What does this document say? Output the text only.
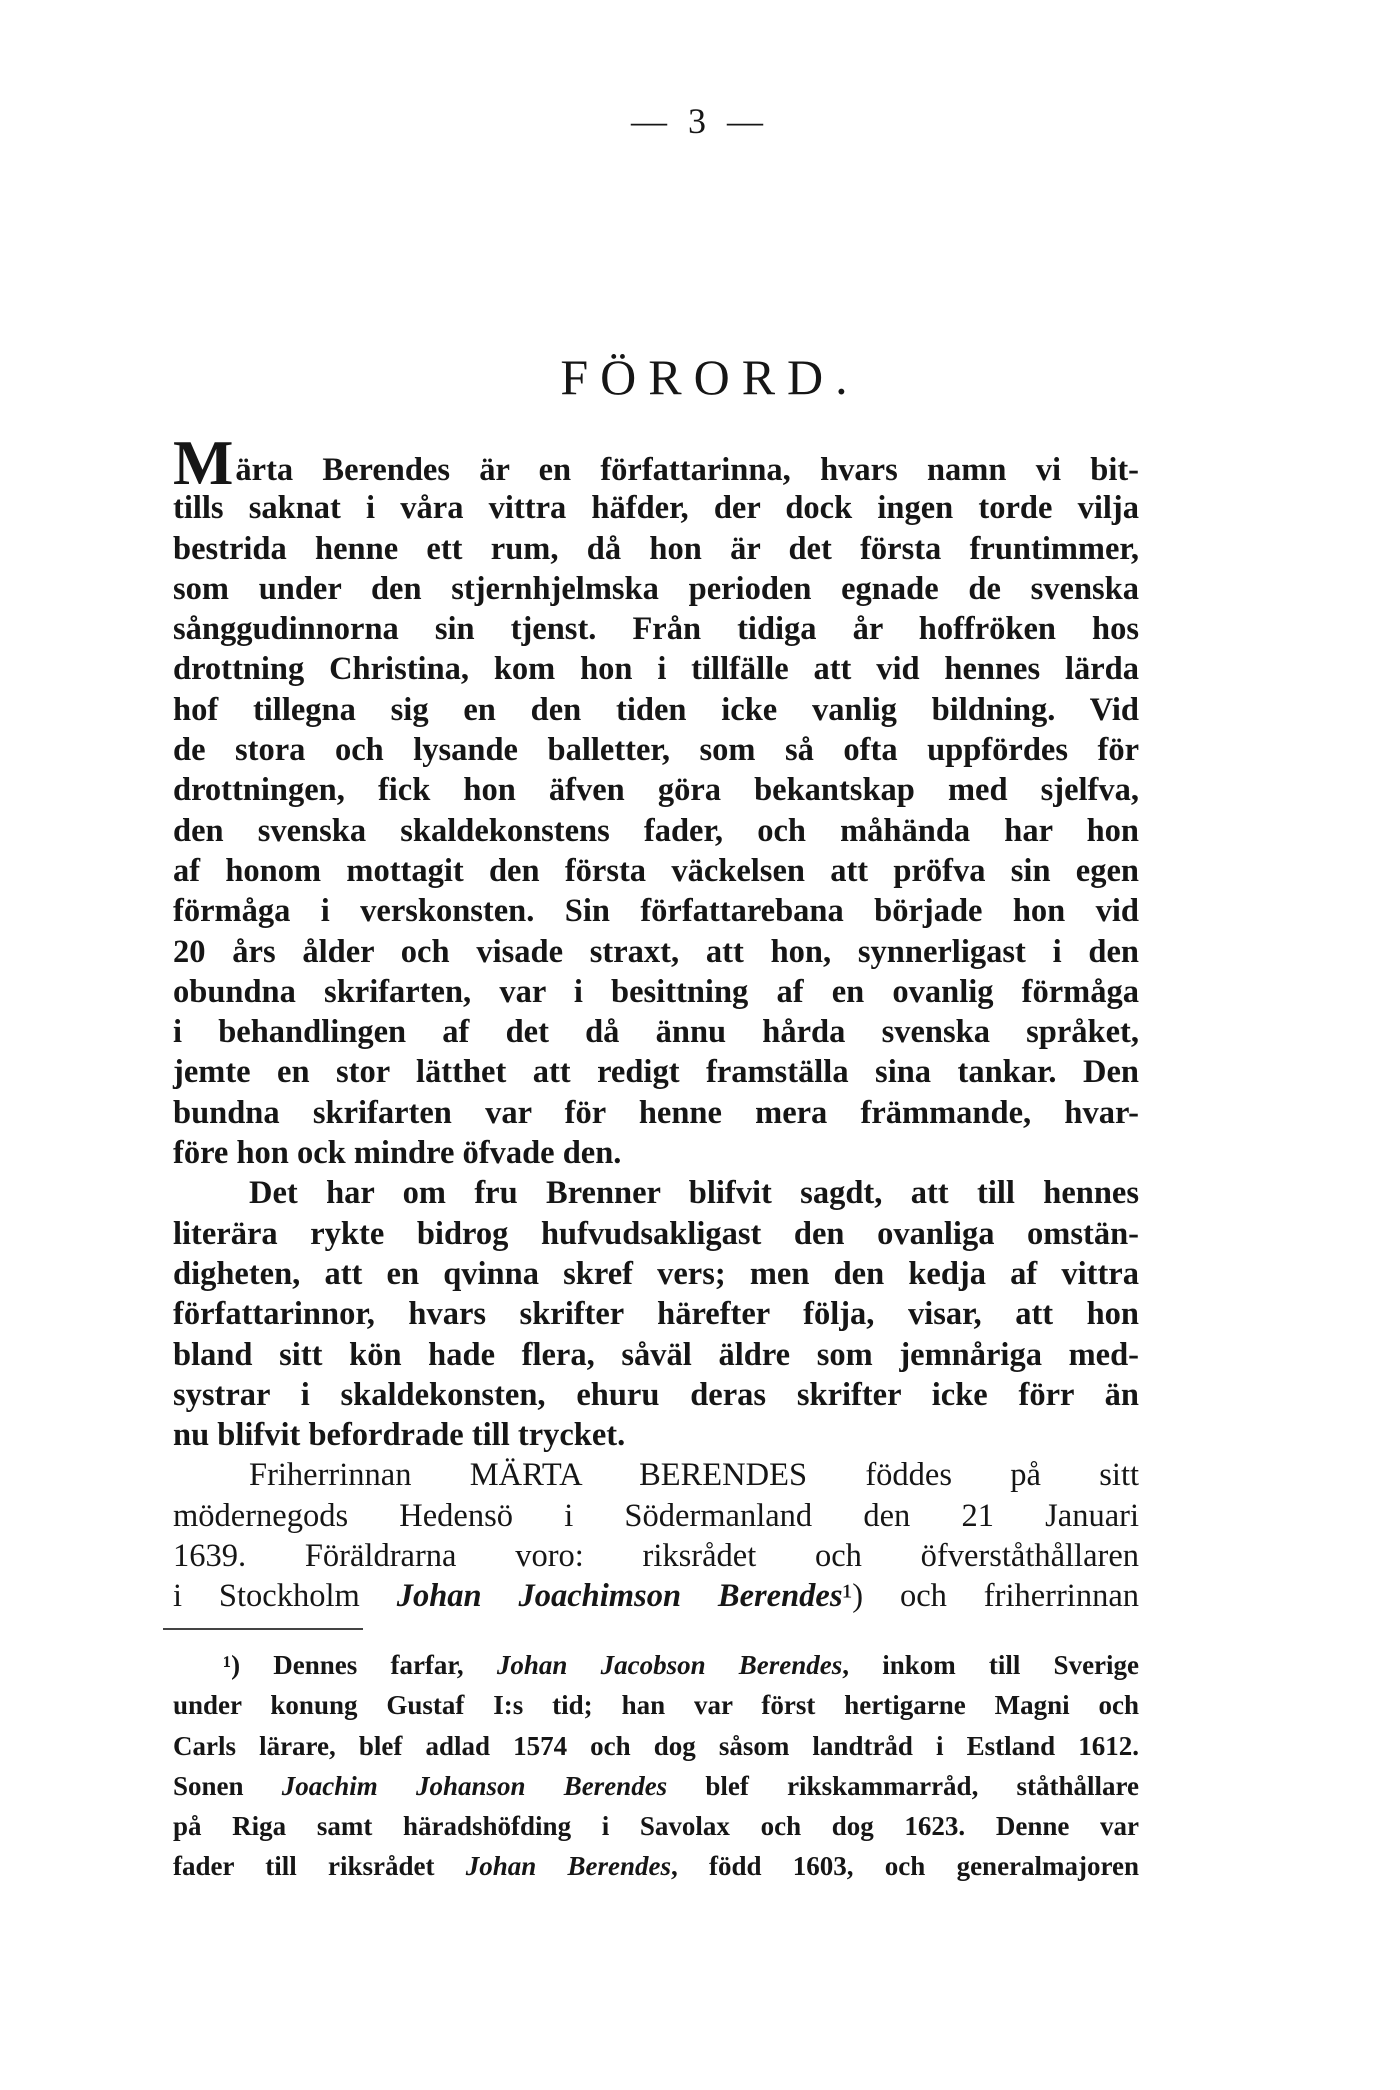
— 3 —
FÖRORD.
Märta Berendes är en författarinna, hvars namn vi bit-
tills saknat i våra vittra häfder, der dock ingen torde vilja
bestrida henne ett rum, då hon är det första fruntimmer,
som under den stjernhjelmska perioden egnade de svenska
sånggudinnorna sin tjenst. Från tidiga år hoffröken hos
drottning Christina, kom hon i tillfälle att vid hennes lärda
hof tillegna sig en den tiden icke vanlig bildning. Vid
de stora och lysande balletter, som så ofta uppfördes för
drottningen, fick hon äfven göra bekantskap med sjelfva,
den svenska skaldekonstens fader, och måhända har hon
af honom mottagit den första väckelsen att pröfva sin egen
förmåga i verskonsten. Sin författarebana började hon vid
20 års ålder och visade straxt, att hon, synnerligast i den
obundna skrifarten, var i besittning af en ovanlig förmåga
i behandlingen af det då ännu hårda svenska språket,
jemte en stor lätthet att redigt framställa sina tankar. Den
bundna skrifarten var för henne mera främmande, hvar-
före hon ock mindre öfvade den.
Det har om fru Brenner blifvit sagdt, att till hennes
literära rykte bidrog hufvudsakligast den ovanliga omstän-
digheten, att en qvinna skref vers; men den kedja af vittra
författarinnor, hvars skrifter härefter följa, visar, att hon
bland sitt kön hade flera, såväl äldre som jemnåriga med-
systrar i skaldekonsten, ehuru deras skrifter icke förr än
nu blifvit befordrade till trycket.
Friherrinnan MÄRTA BERENDES föddes på sitt
mödernegods Hedensö i Södermanland den 21 Januari
1639. Föräldrarna voro: riksrådet och öfverståthållaren
i Stockholm Johan Joachimson Berendes¹) och friherrinnan
¹) Dennes farfar, Johan Jacobson Berendes, inkom till Sverige
under konung Gustaf I:s tid; han var först hertigarne Magni och
Carls lärare, blef adlad 1574 och dog såsom landtråd i Estland 1612.
Sonen Joachim Johanson Berendes blef rikskammarråd, ståthållare
på Riga samt häradshöfding i Savolax och dog 1623. Denne var
fader till riksrådet Johan Berendes, född 1603, och generalmajoren
